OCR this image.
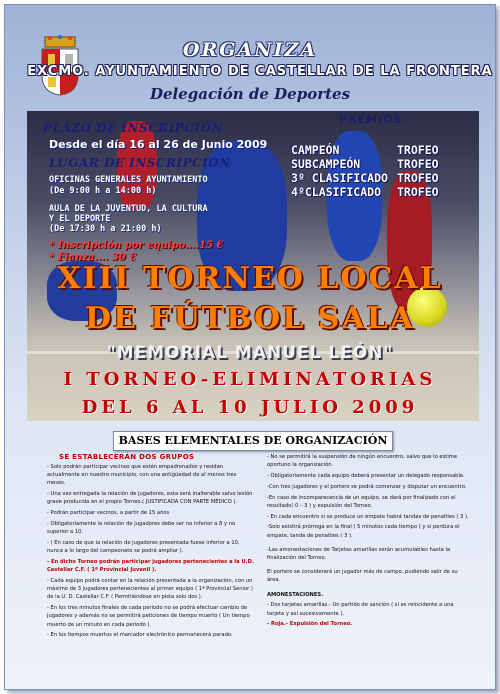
ORGANIZA
EXCMO. AYUNTAMIENTO DE CASTELLAR DE LA FRONTERA
Delegación de Deportes
PLAZO DE INSCRIPCIÓN
Desde el día 16 al 26 de Junio 2009
LUGAR DE INSCRIPCIÓN
OFICINAS GENERALES AYUNTAMIENTO
(De 9:00 h a 14:00 h)
AULA DE LA JUVENTUD, LA CULTURA
Y EL DEPORTE
(De 17:30 h a 21:00 h)
* Inscripción por equipo....15 €
* Fianza.... 30 €
PREMIOS
CAMPEÓN	TROFEO
SUBCAMPEÓN	TROFEO
3º CLASIFICADO TROFEO
4ºCLASIFICADO TROFEO
XIII TORNEO LOCAL
DE FÚTBOL SALA
"MEMORIAL MANUEL LEÓN"
I TORNEO-ELIMINATORIAS
DEL 6 AL 10 JULIO 2009
BASES ELEMENTALES DE ORGANIZACIÓN
SE ESTABLECERÁN DOS GRUPOS
- Solo podrán participar vecinos que estén empadronados y residan actualmente en nuestro municipio, con una antigüedad de al menos tres meses.
- Una vez entregada la relación de jugadores, esta será inalterable salvo lesión grave producida en el propio Torneo.( JUSTIFICADA CON PARTE MÉDICO ).
- Podrán participar vecinos, a partir de 15 años
- Obligatoriamente la relación de jugadores debe ser no inferior a 8 y no superior a 10.
- ( En caso de que la relación de jugadores presentada fuese inferior a 10, nunca a lo largo del campeonato se podrá ampliar ).
- En dicho Torneo podrán participar jugadores pertenecientes a la U.D. Castellar C.F. ( 1ª Provincial Juvenil ).
- Cada equipo podrá contar en la relación presentada a la organización, con un máximo de 3 jugadores pertenecientes al primer equipo ( 1ª Provincial Senior ) de la U. D. Castellar C.F. ( Permitiéndose en pista solo dos ).
- En los tres minutos finales de cada periodo no se podrá efectuar cambio de jugadores y además no se permitirá peticiones de tiempo muerto ( Un tiempo muerto de un minuto en cada periodo ).
- En los tiempos muertos el marcador electrónico permanecerá parado.
- No se permitirá la suspensión de ningún encuentro, salvo que lo estime oportuno la organización.
- Obligatoriamente cada equipo deberá presentar un delegado responsable.
-Con tres jugadores y el portero se podrá comenzar y disputar un encuentro.
-En caso de incomparecencia de un equipo, se dará por finalizado con el resultado( 0 – 3 ) y expulsión del Torneo.
- En cada encuentro si se produce un empate habrá tandas de penalties ( 3 ).
-Solo existirá prórroga en la final ( 5 minutos cada tiempo ) y si perdura el empate, tanda de penalties ( 3 ).
-Las amonestaciones de Tarjetas amarillas serán acumulables hasta la finalización del Torneo.
El portero se considerará un jugador más de campo, pudiendo salir de su área.
AMONESTACIONES.
- Dos tarjetas amarillas.- Un partido de sanción ( si es reincidente a una tarjeta y así sucesivamente ).
- Roja.- Expulsión del Torneo.
